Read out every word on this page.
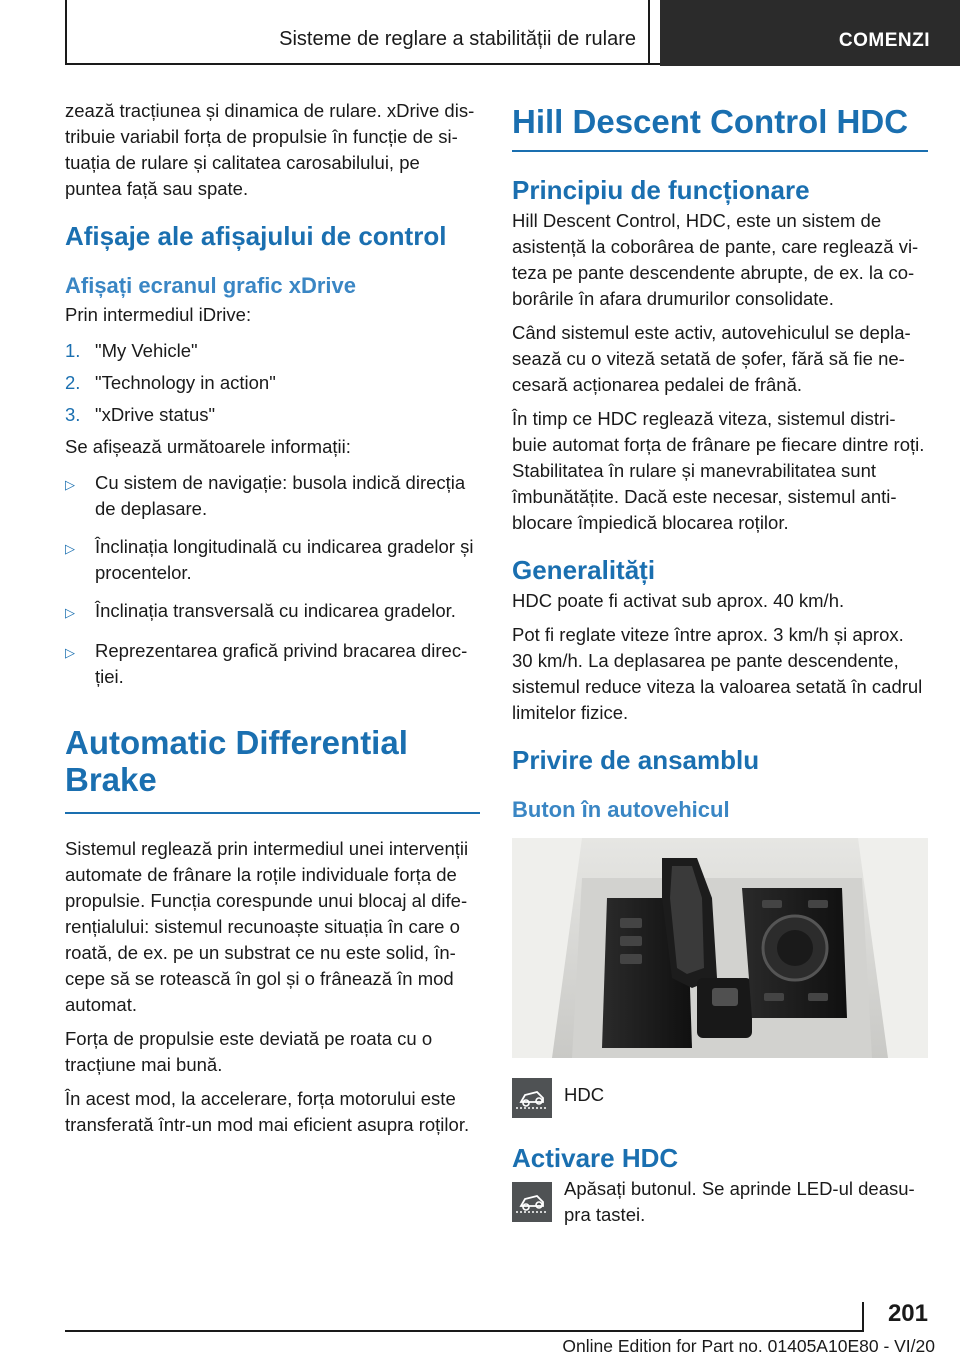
Sisteme de reglare a stabilității de rulare	COMENZI

zează tracțiunea și dinamica de rulare. xDrive dis-tribuie variabil forța de propulsie în funcție de si-tuația de rulare și calitatea carosabilului, pe puntea față sau spate.

Afișaje ale afișajului de control
Afișați ecranul grafic xDrive

Prin intermediul iDrive:

1. "My Vehicle"
2. "Technology in action"
3. "xDrive status"

Se afișează următoarele informații:

▷	Cu sistem de navigație: busola indică direcția de deplasare.
▷	Înclinația longitudinală cu indicarea gradelor și procentelor.
▷	Înclinația transversală cu indicarea gradelor.
▷	Reprezentarea grafică privind bracarea direc-ției.
Automatic Differential Brake

Sistemul reglează prin intermediul unei intervenții automate de frânare la roțile individuale forța de propulsie. Funcția corespunde unui blocaj al dife-rențialului: sistemul recunoaște situația în care o roată, de ex. pe un substrat ce nu este solid, în-cepe să se rotească în gol și o frânează în mod automat.

Forța de propulsie este deviată pe roata cu o tracțiune mai bună.

În acest mod, la accelerare, forța motorului este transferată într-un mod mai eficient asupra roților.

Hill Descent Control HDC
Principiu de funcționare

Hill Descent Control, HDC, este un sistem de asistență la coborârea de pante, care reglează vi-teza pe pante descendente abrupte, de ex. la co-borârile în afara drumurilor consolidate.

Când sistemul este activ, autovehiculul se depla-sează cu o viteză setată de șofer, fără să fie ne-cesară acționarea pedalei de frână.

În timp ce HDC reglează viteza, sistemul distri-buie automat forța de frânare pe fiecare dintre roți. Stabilitatea în rulare și manevrabilitatea sunt îmbunătățite. Dacă este necesar, sistemul anti-blocare împiedică blocarea roților.

Generalități

HDC poate fi activat sub aprox. 40 km/h.

Pot fi reglate viteze între aprox. 3 km/h și aprox. 30 km/h. La deplasarea pe pante descendente, sistemul reduce viteza la valoarea setată în cadrul limitelor fizice.

Privire de ansamblu
Buton în autovehicul

HDC

Activare HDC

Apăsați butonul. Se aprinde LED-ul deasu-pra tastei.

201
Online Edition for Part no. 01405A10E80 - VI/20
